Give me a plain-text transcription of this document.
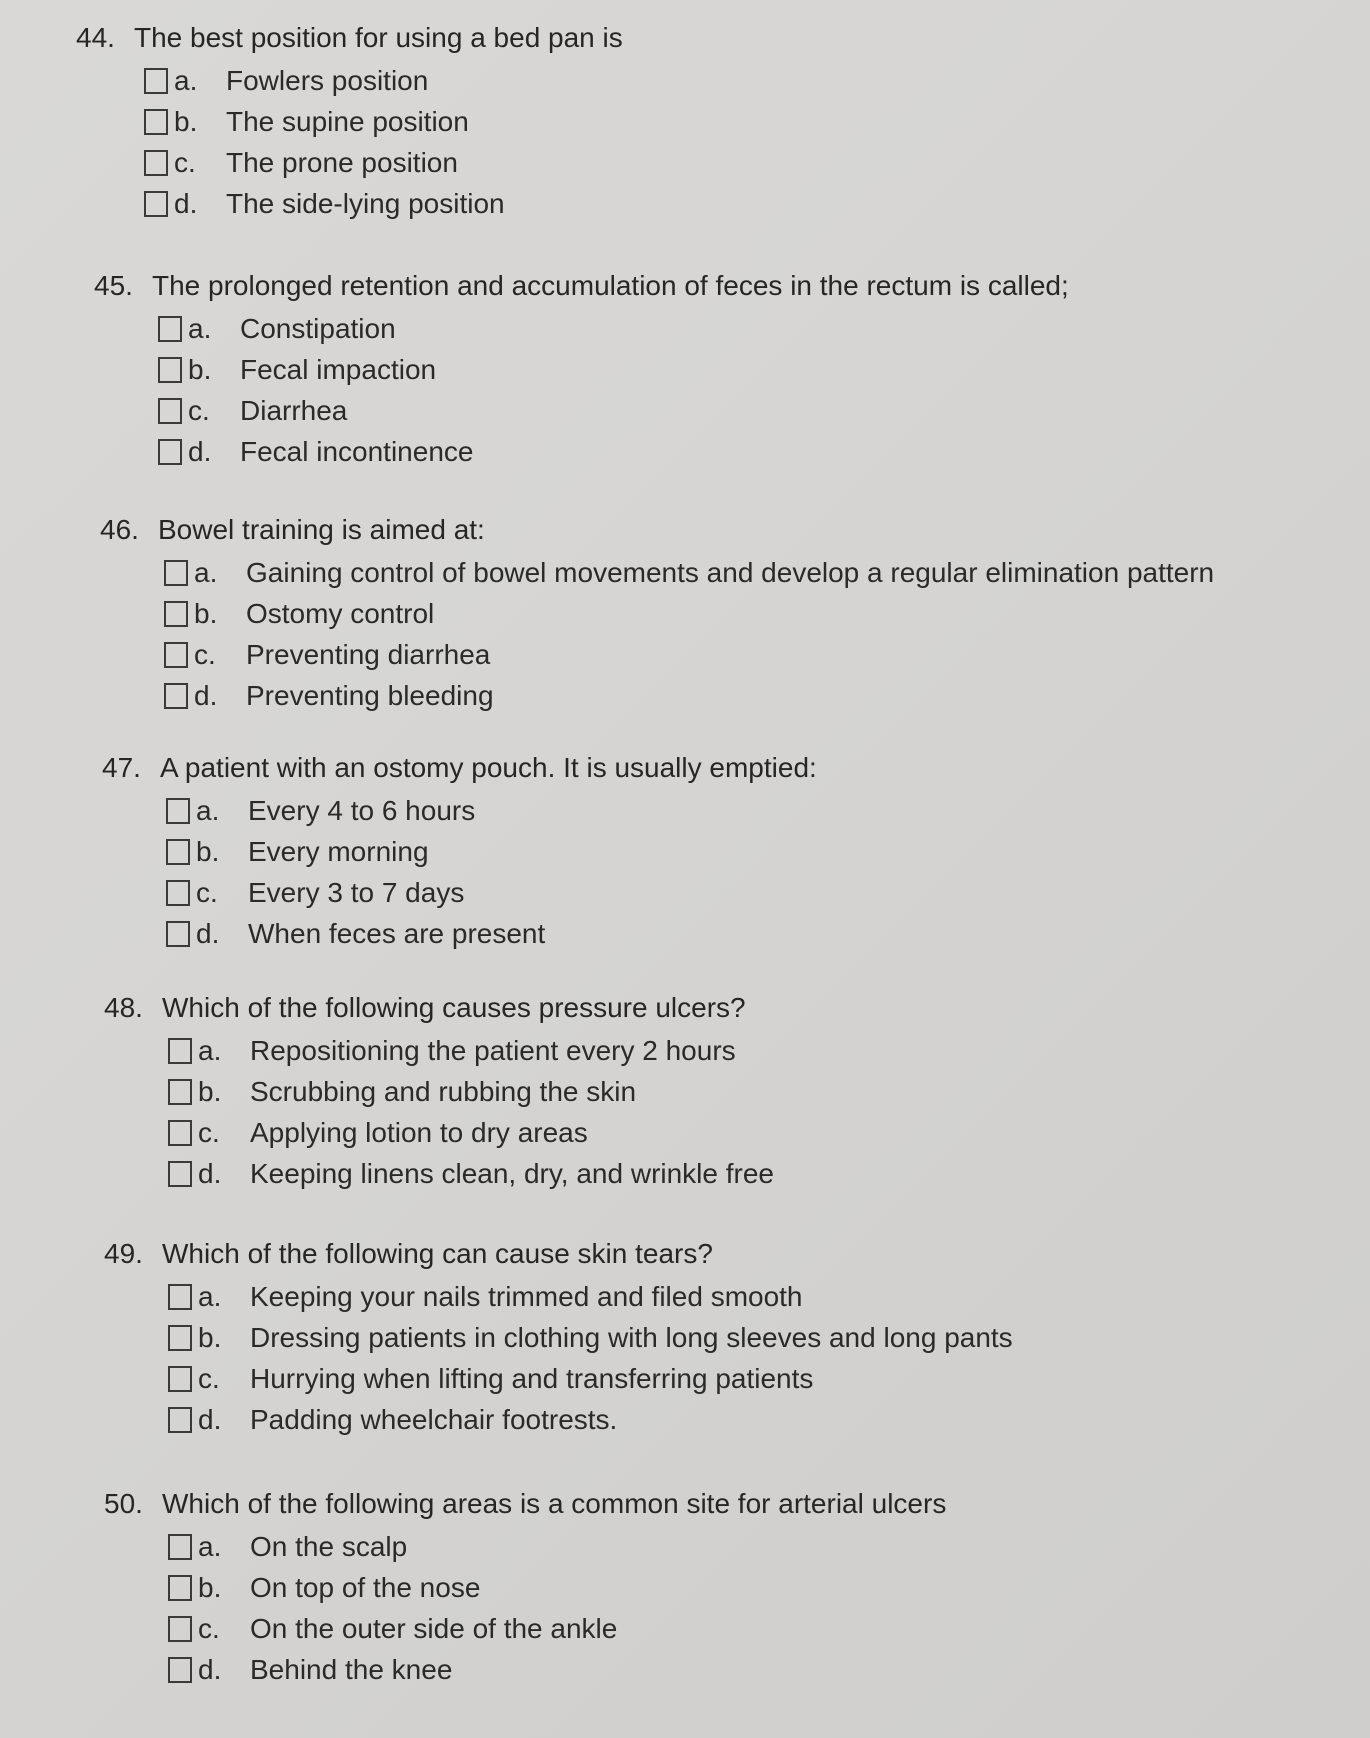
44. The best position for using a bed pan is
a.	Fowlers position
b.	The supine position
c.	The prone position
d.	The side-lying position
45. The prolonged retention and accumulation of feces in the rectum is called;
a.	Constipation
b.	Fecal impaction
c.	Diarrhea
d.	Fecal incontinence
46. Bowel training is aimed at:
a.	Gaining control of bowel movements and develop a regular elimination pattern
b.	Ostomy control
c.	Preventing diarrhea
d.	Preventing bleeding
47. A patient with an ostomy pouch. It is usually emptied:
a.	Every 4 to 6 hours
b.	Every morning
c.	Every 3 to 7 days
d.	When feces are present
48. Which of the following causes pressure ulcers?
a.	Repositioning the patient every 2 hours
b.	Scrubbing and rubbing the skin
c.	Applying lotion to dry areas
d.	Keeping linens clean, dry, and wrinkle free
49. Which of the following can cause skin tears?
a.	Keeping your nails trimmed and filed smooth
b.	Dressing patients in clothing with long sleeves and long pants
c.	Hurrying when lifting and transferring patients
d.	Padding wheelchair footrests.
50. Which of the following areas is a common site for arterial ulcers
a.	On the scalp
b.	On top of the nose
c.	On the outer side of the ankle
d.	Behind the knee
